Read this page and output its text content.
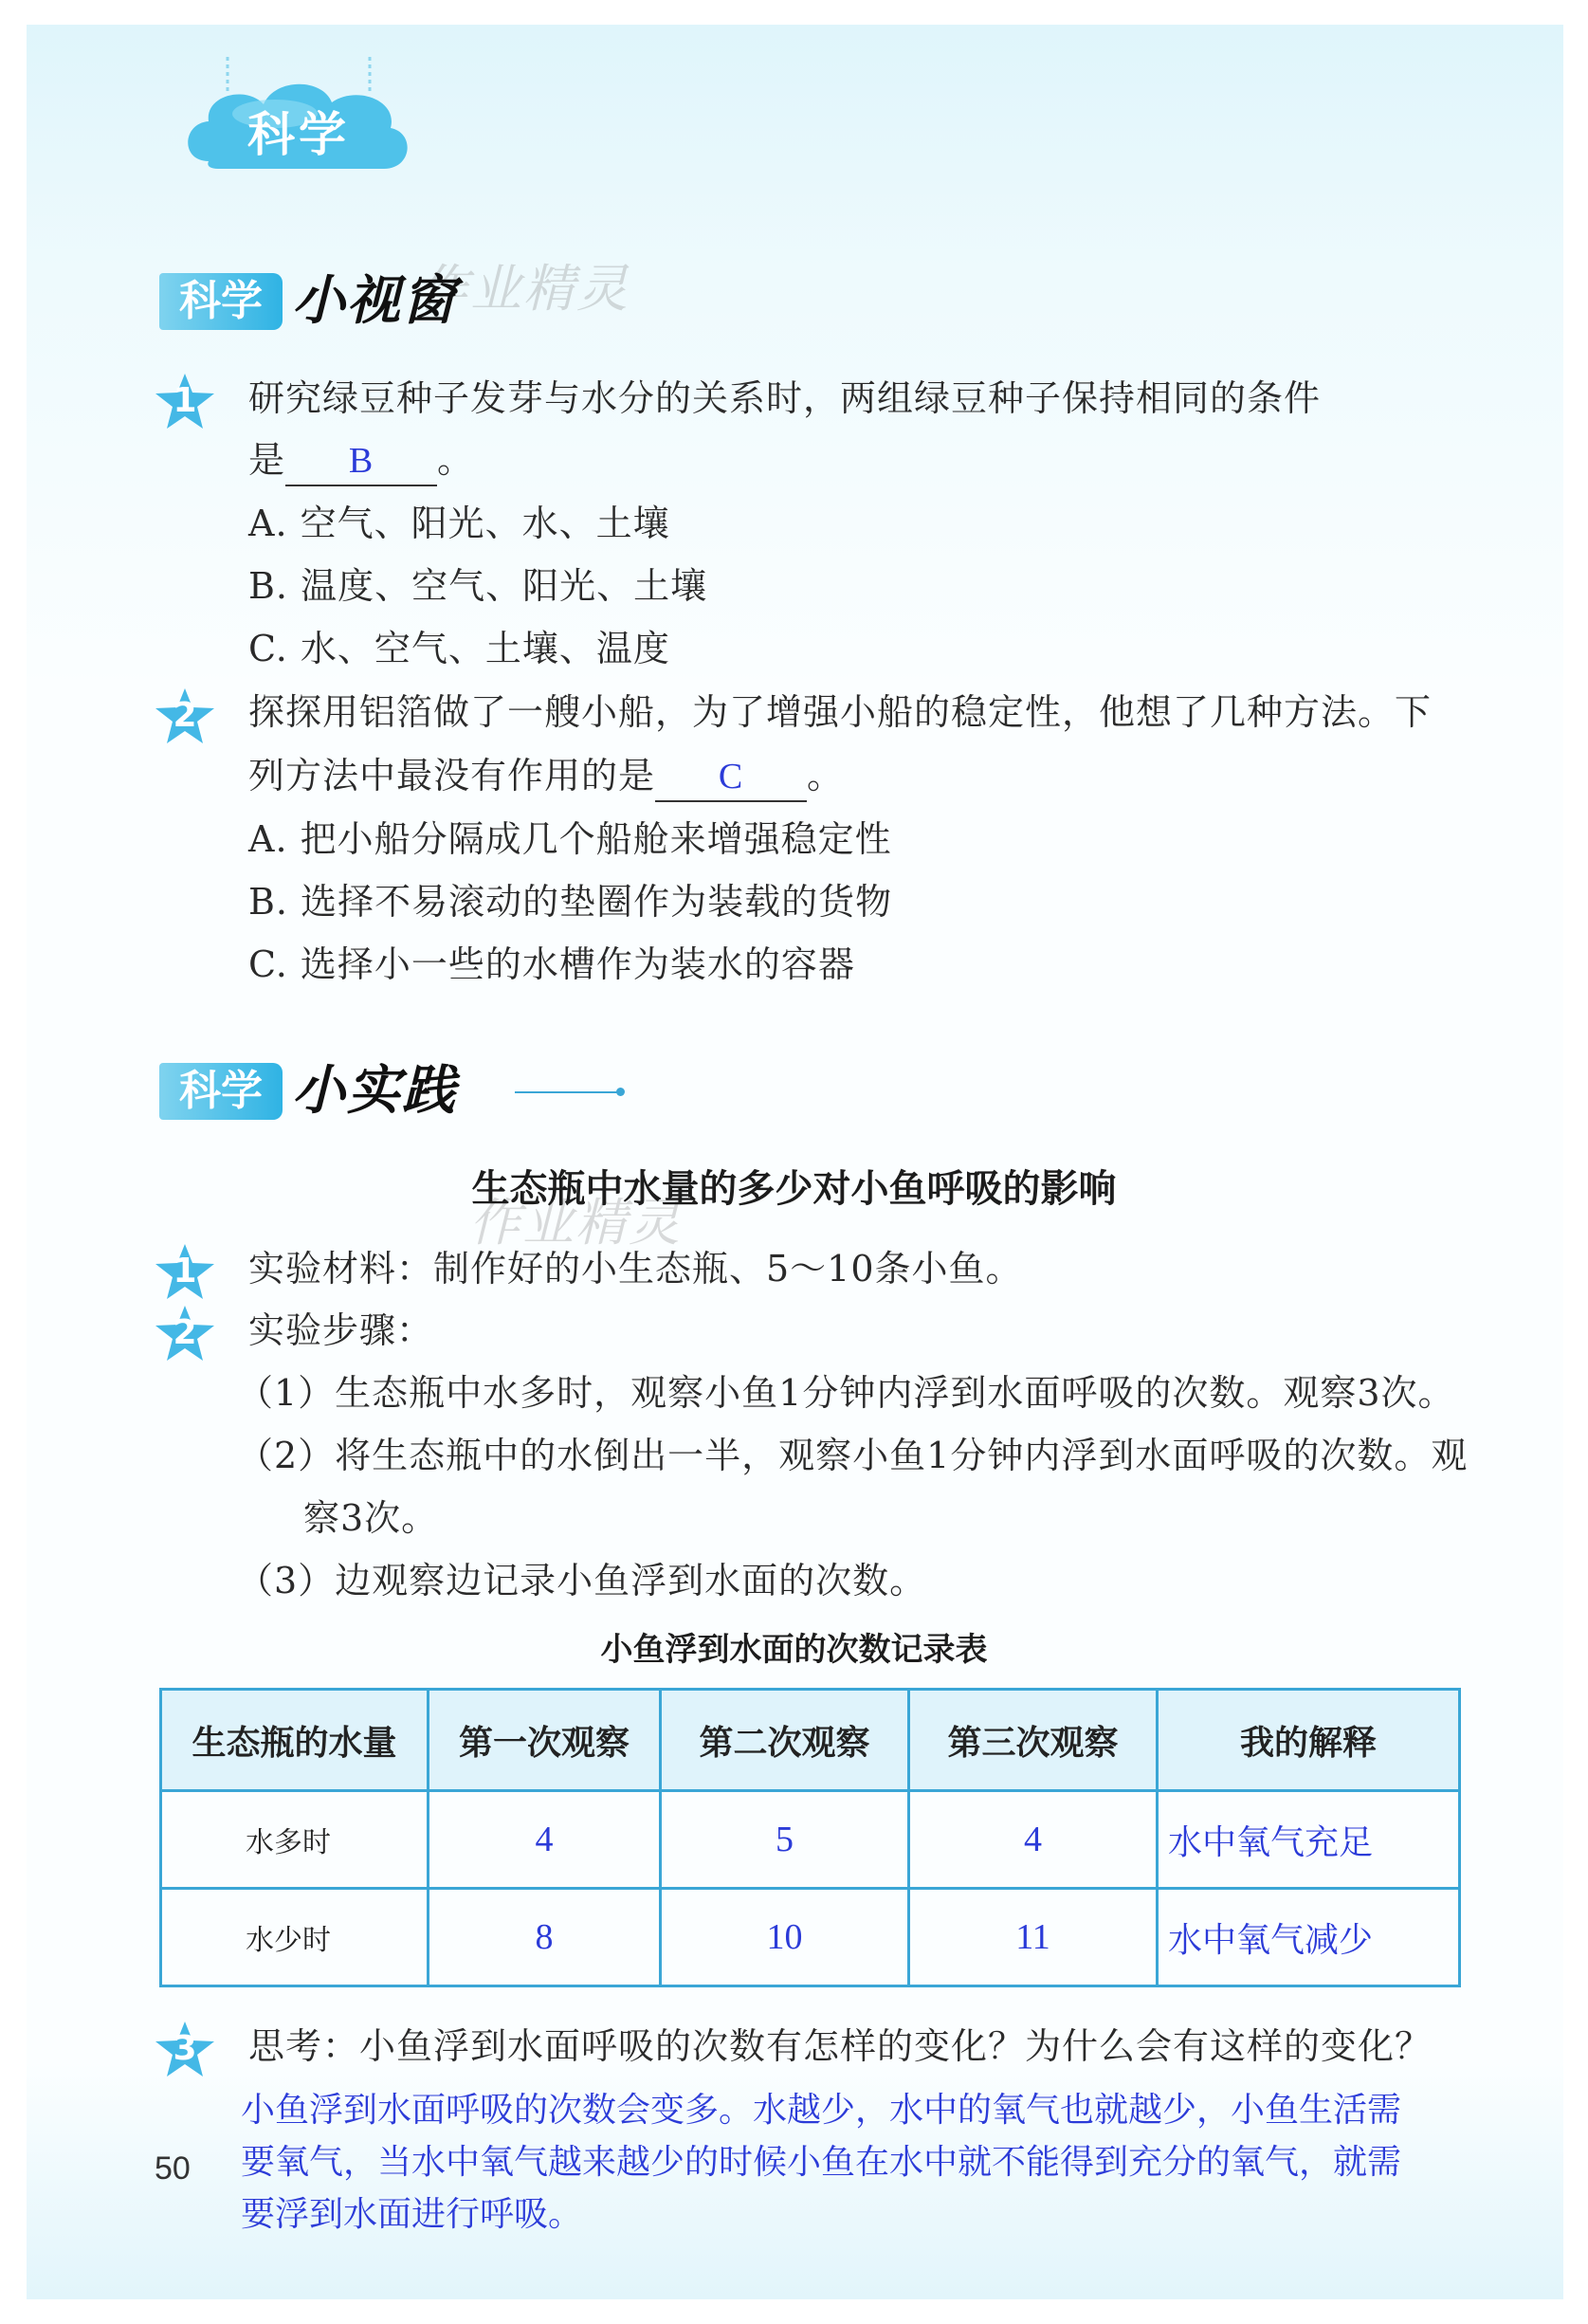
科学
作业精灵
作业精灵
科学 小视窗
1	研究绿豆种子发芽与水分的关系时，两组绿豆种子保持相同的条件
是 B 。
A. 空气、阳光、水、土壤
B. 温度、空气、阳光、土壤
C. 水、空气、土壤、温度
2	探探用铝箔做了一艘小船，为了增强小船的稳定性，他想了几种方法。下
列方法中最没有作用的是 C 。
A. 把小船分隔成几个船舱来增强稳定性
B. 选择不易滚动的垫圈作为装载的货物
C. 选择小一些的水槽作为装水的容器
科学 小实践
生态瓶中水量的多少对小鱼呼吸的影响
1	实验材料：制作好的小生态瓶、5～10条小鱼。
2	实验步骤：
（1）生态瓶中水多时，观察小鱼1分钟内浮到水面呼吸的次数。观察3次。
（2）将生态瓶中的水倒出一半，观察小鱼1分钟内浮到水面呼吸的次数。观
察3次。
（3）边观察边记录小鱼浮到水面的次数。
小鱼浮到水面的次数记录表
生态瓶的水量	第一次观察	第二次观察	第三次观察	我的解释
水多时	4	5	4	水中氧气充足
水少时	8	10	11	水中氧气减少
3	思考：小鱼浮到水面呼吸的次数有怎样的变化？为什么会有这样的变化？
小鱼浮到水面呼吸的次数会变多。水越少，水中的氧气也就越少，小鱼生活需
要氧气，当水中氧气越来越少的时候小鱼在水中就不能得到充分的氧气，就需
要浮到水面进行呼吸。
50
